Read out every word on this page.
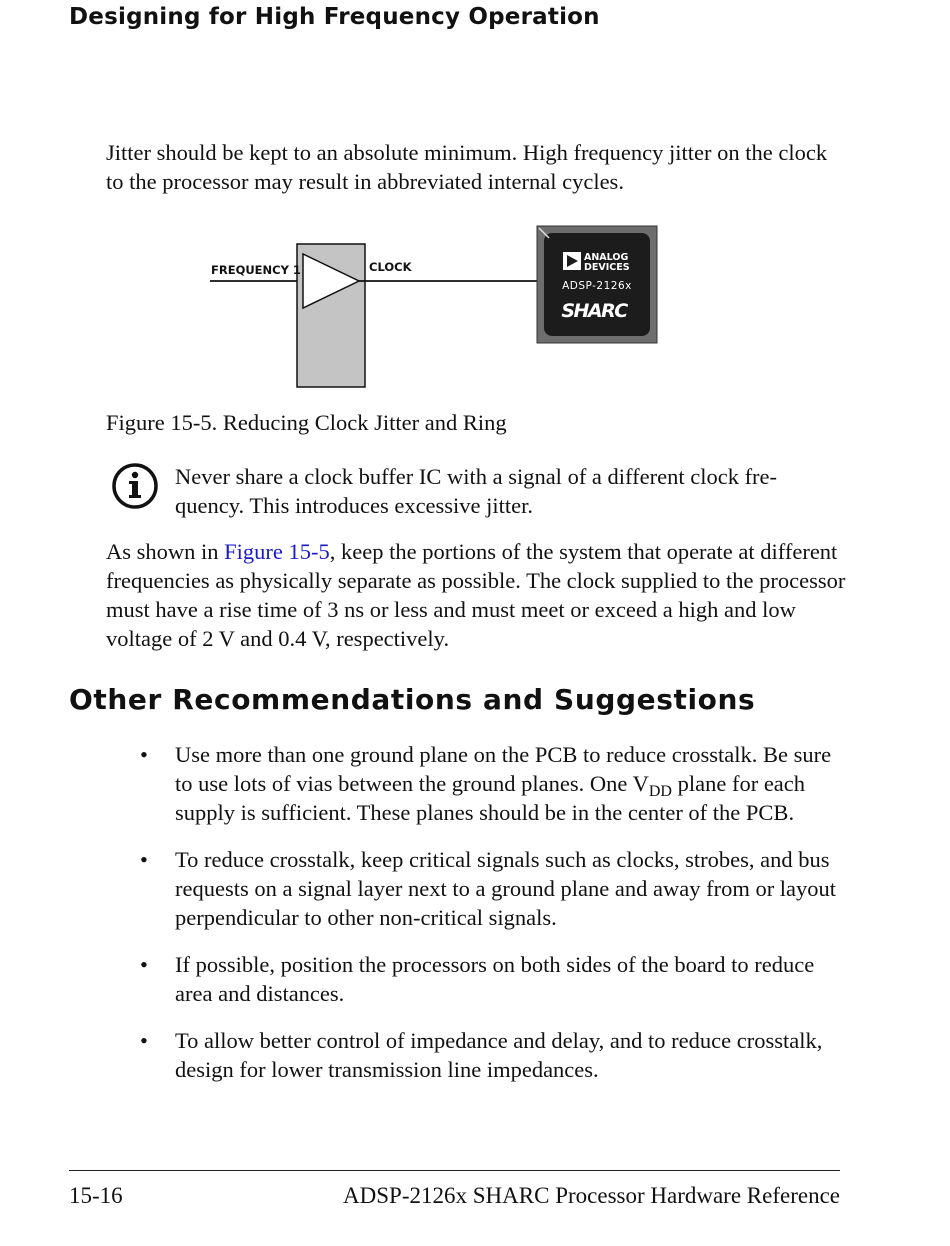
Designing for High Frequency Operation
Jitter should be kept to an absolute minimum. High frequency jitter on the clock to the processor may result in abbreviated internal cycles.
FREQUENCY 1	CLOCK
ANALOG
DEVICES
ADSP-2126x
SHARC
Figure 15-5. Reducing Clock Jitter and Ring
Never share a clock buffer IC with a signal of a different clock fre-quency. This introduces excessive jitter.
As shown in Figure 15-5, keep the portions of the system that operate at different frequencies as physically separate as possible. The clock supplied to the processor must have a rise time of 3 ns or less and must meet or exceed a high and low voltage of 2 V and 0.4 V, respectively.
Other Recommendations and Suggestions
• Use more than one ground plane on the PCB to reduce crosstalk. Be sure to use lots of vias between the ground planes. One $V_{DD}$ plane for each supply is sufficient. These planes should be in the center of the PCB.
• To reduce crosstalk, keep critical signals such as clocks, strobes, and bus requests on a signal layer next to a ground plane and away from or layout perpendicular to other non-critical signals.
• If possible, position the processors on both sides of the board to reduce area and distances.
• To allow better control of impedance and delay, and to reduce crosstalk, design for lower transmission line impedances.
15-16	ADSP-2126x SHARC Processor Hardware Reference
